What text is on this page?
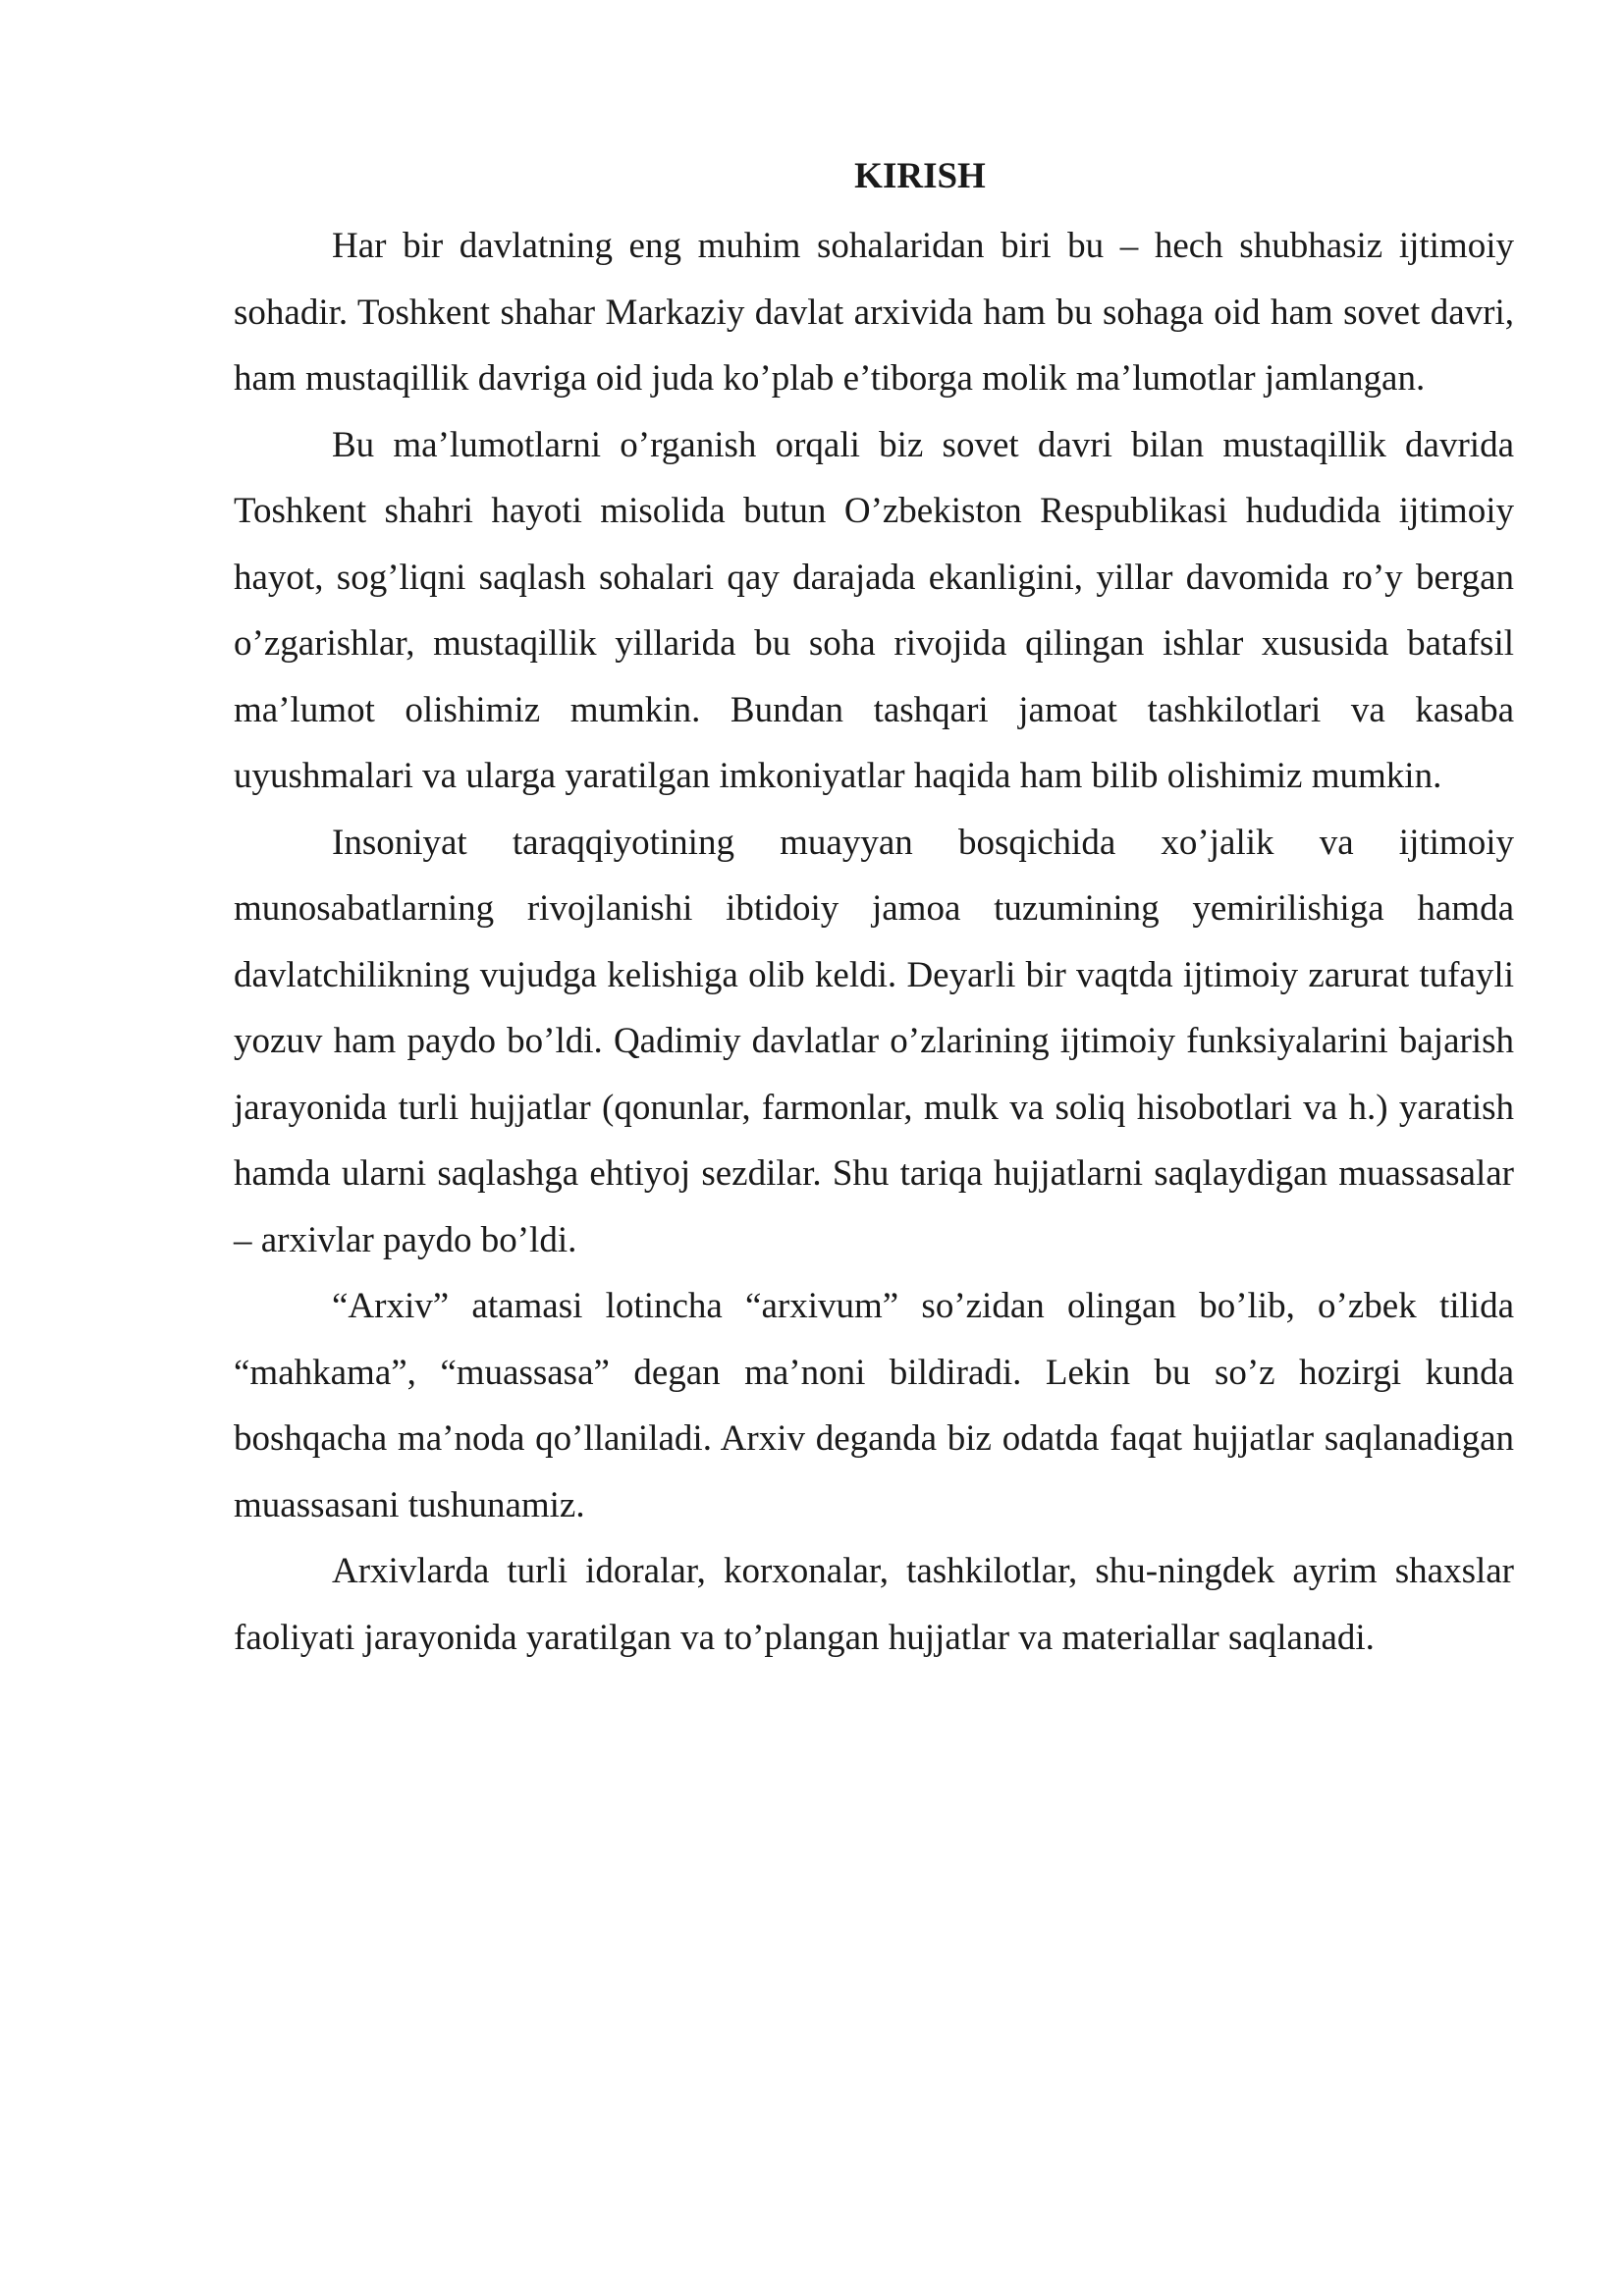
KIRISH

Har bir davlatning eng muhim sohalaridan biri bu – hech shubhasiz ijtimoiy sohadir. Toshkent shahar Markaziy davlat arxivida ham bu sohaga oid ham sovet davri, ham mustaqillik davriga oid juda ko’plab e’tiborga molik ma’lumotlar jamlangan.

Bu ma’lumotlarni o’rganish orqali biz sovet davri bilan mustaqillik davrida Toshkent shahri hayoti misolida butun O’zbekiston Respublikasi hududida ijtimoiy hayot, sog’liqni saqlash sohalari qay darajada ekanligini, yillar davomida ro’y bergan o’zgarishlar, mustaqillik yillarida bu soha rivojida qilingan ishlar xususida batafsil ma’lumot olishimiz mumkin. Bundan tashqari jamoat tashkilotlari va kasaba uyushmalari va ularga yaratilgan imkoniyatlar haqida ham bilib olishimiz mumkin.

Insoniyat taraqqiyotining muayyan bosqichida xo’jalik va ijtimoiy munosabatlarning rivojlanishi ibtidoiy jamoa tuzumining yemirilishiga hamda davlatchilikning vujudga kelishiga olib keldi. Deyarli bir vaqtda ijtimoiy zarurat tufayli yozuv ham paydo bo’ldi. Qadimiy davlatlar o’zlarining ijtimoiy funksiyalarini bajarish jarayonida turli hujjatlar (qonunlar, farmonlar, mulk va soliq hisobotlari va h.) yaratish hamda ularni saqlashga ehtiyoj sezdilar. Shu tariqa hujjatlarni saqlaydigan muassasalar – arxivlar paydo bo’ldi.

“Arxiv” atamasi lotincha “arxivum” so’zidan olingan bo’lib, o’zbek tilida “mahkama”, “muassasa” degan ma’noni bildiradi. Lekin bu so’z hozirgi kunda boshqacha ma’noda qo’llaniladi. Arxiv deganda biz odatda faqat hujjatlar saqlanadigan muassasani tushunamiz.

Arxivlarda turli idoralar, korxonalar, tashkilotlar, shu-ningdek ayrim shaxslar faoliyati jarayonida yaratilgan va to’plangan hujjatlar va materiallar saqlanadi.
